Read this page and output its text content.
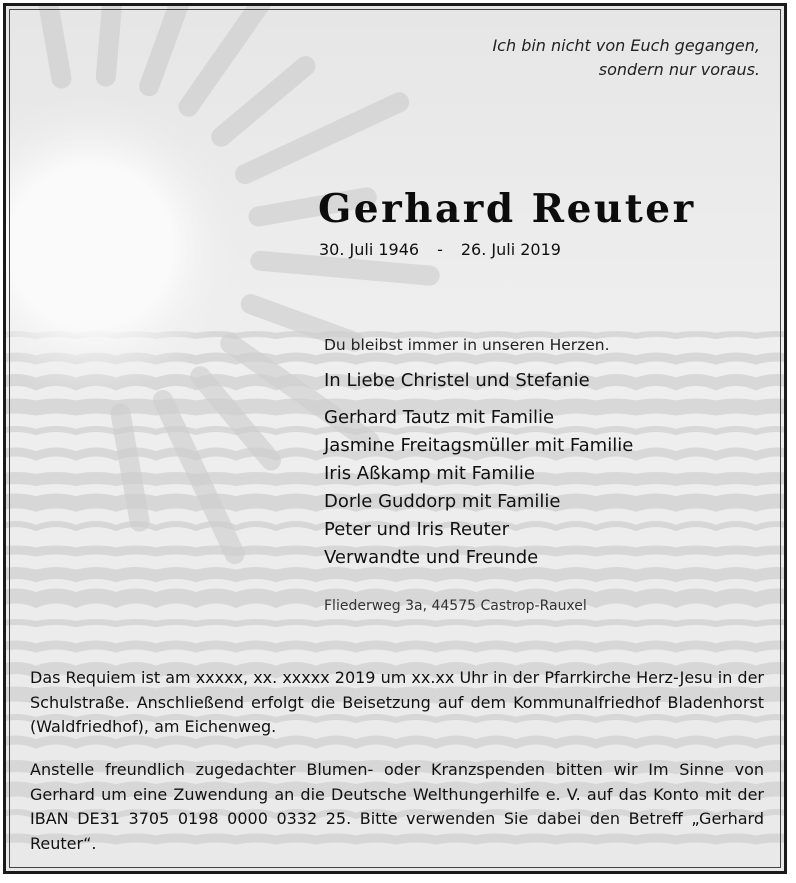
Ich bin nicht von Euch gegangen,
sondern nur voraus.
Gerhard Reuter
30. Juli 1946 - 26. Juli 2019
Du bleibst immer in unseren Herzen.
In Liebe Christel und Stefanie
Gerhard Tautz mit Familie
Jasmine Freitagsmüller mit Familie
Iris Aßkamp mit Familie
Dorle Guddorp mit Familie
Peter und Iris Reuter
Verwandte und Freunde
Fliederweg 3a, 44575 Castrop-Rauxel

Das Requiem ist am xxxxx, xx. xxxxx 2019 um xx.xx Uhr in der Pfarrkirche Herz-Jesu in der Schulstraße. Anschließend erfolgt die Beisetzung auf dem Kommunalfriedhof Bladenhorst (Waldfriedhof), am Eichenweg.

Anstelle freundlich zugedachter Blumen- oder Kranzspenden bitten wir Im Sinne von Gerhard um eine Zuwendung an die Deutsche Welthungerhilfe e. V. auf das Konto mit der IBAN DE31 3705 0198 0000 0332 25. Bitte verwenden Sie dabei den Betreff „Gerhard Reuter“.
